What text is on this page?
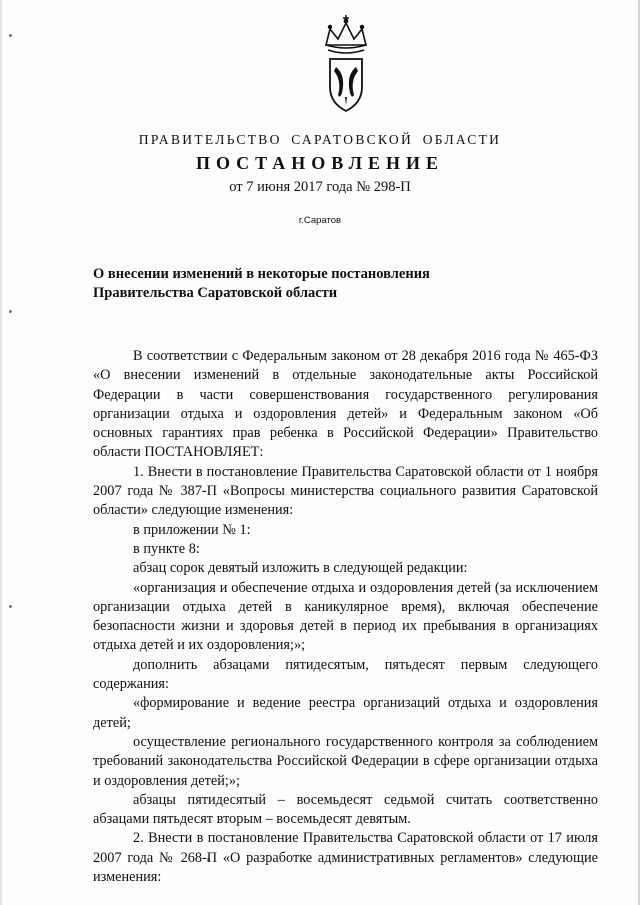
ПРАВИТЕЛЬСТВО САРАТОВСКОЙ ОБЛАСТИ
ПОСТАНОВЛЕНИЕ
от 7 июня 2017 года № 298-П
г.Саратов
О внесении изменений в некоторые постановления
Правительства Саратовской области

В соответствии с Федеральным законом от 28 декабря 2016 года № 465-ФЗ «О внесении изменений в отдельные законодательные акты Российской Федерации в части совершенствования государственного регулирования организации отдыха и оздоровления детей» и Федеральным законом «Об основных гарантиях прав ребенка в Российской Федерации» Правительство области ПОСТАНОВЛЯЕТ:

1. Внести в постановление Правительства Саратовской области от 1 ноября 2007 года № 387-П «Вопросы министерства социального развития Саратовской области» следующие изменения:

в приложении № 1:

в пункте 8:

абзац сорок девятый изложить в следующей редакции:

«организация и обеспечение отдыха и оздоровления детей (за исключением организации отдыха детей в каникулярное время), включая обеспечение безопасности жизни и здоровья детей в период их пребывания в организациях отдыха детей и их оздоровления;»;

дополнить абзацами пятидесятым, пятьдесят первым следующего содержания:

«формирование и ведение реестра организаций отдыха и оздоровления детей;

осуществление регионального государственного контроля за соблюдением требований законодательства Российской Федерации в сфере организации отдыха и оздоровления детей;»;

абзацы пятидесятый – восемьдесят седьмой считать соответственно абзацами пятьдесят вторым – восемьдесят девятым.

2. Внести в постановление Правительства Саратовской области от 17 июля 2007 года № 268-П «О разработке административных регламентов» следующие изменения:
